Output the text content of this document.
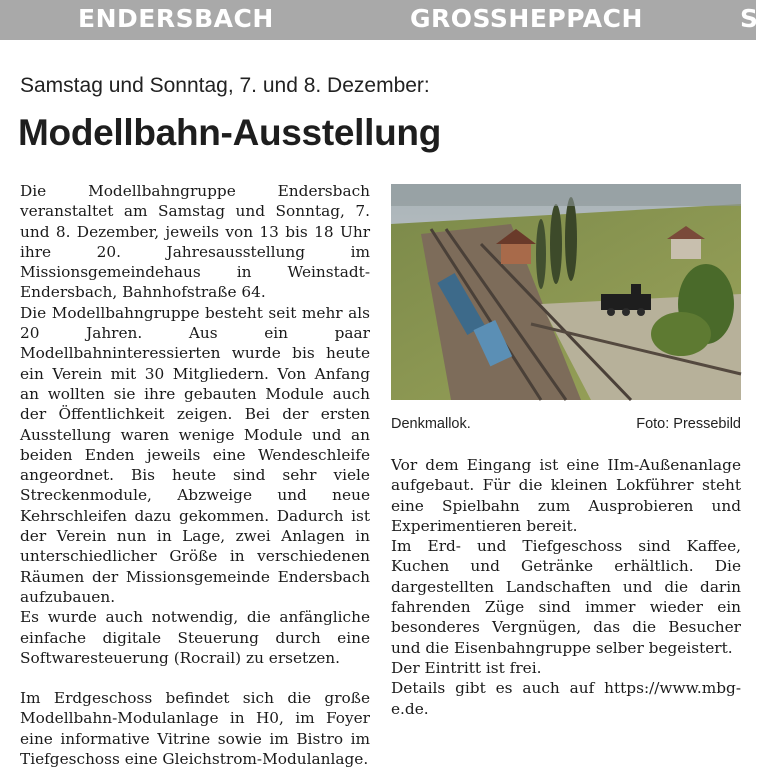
ENDERSBACH	GROSSHEPPACH	S
Samstag und Sonntag, 7. und 8. Dezember:
Modellbahn-Ausstellung

Die Modellbahngruppe Endersbach veranstaltet am Samstag und Sonntag, 7. und 8. Dezember, jeweils von 13 bis 18 Uhr ihre 20. Jahresausstellung im Missionsgemeindehaus in Weinstadt-Endersbach, Bahnhofstraße 64.

Die Modellbahngruppe besteht seit mehr als 20 Jahren. Aus ein paar Modellbahninteressierten wurde bis heute ein Verein mit 30 Mitgliedern. Von Anfang an wollten sie ihre gebauten Module auch der Öffentlichkeit zeigen. Bei der ersten Ausstellung waren wenige Module und an beiden Enden jeweils eine Wendeschleife angeordnet. Bis heute sind sehr viele Streckenmodule, Abzweige und neue Kehrschleifen dazu gekommen. Dadurch ist der Verein nun in Lage, zwei Anlagen in unterschiedlicher Größe in verschiedenen Räumen der Missionsgemeinde Endersbach aufzubauen.

Es wurde auch notwendig, die anfängliche einfache digitale Steuerung durch eine Softwaresteuerung (Rocrail) zu ersetzen.

Im Erdgeschoss befindet sich die große Modellbahn-Modulanlage in H0, im Foyer eine informative Vitrine sowie im Bistro im Tiefgeschoss eine Gleichstrom-Modulanlage.

Denkmallok.	Foto: Pressebild

Vor dem Eingang ist eine IIm-Außenanlage aufgebaut. Für die kleinen Lokführer steht eine Spielbahn zum Ausprobieren und Experimentieren bereit.

Im Erd- und Tiefgeschoss sind Kaffee, Kuchen und Getränke erhältlich. Die dargestellten Landschaften und die darin fahrenden Züge sind immer wieder ein besonderes Vergnügen, das die Besucher und die Eisenbahngruppe selber begeistert.

Der Eintritt ist frei.

Details gibt es auch auf https://www.mbg-e.de.
